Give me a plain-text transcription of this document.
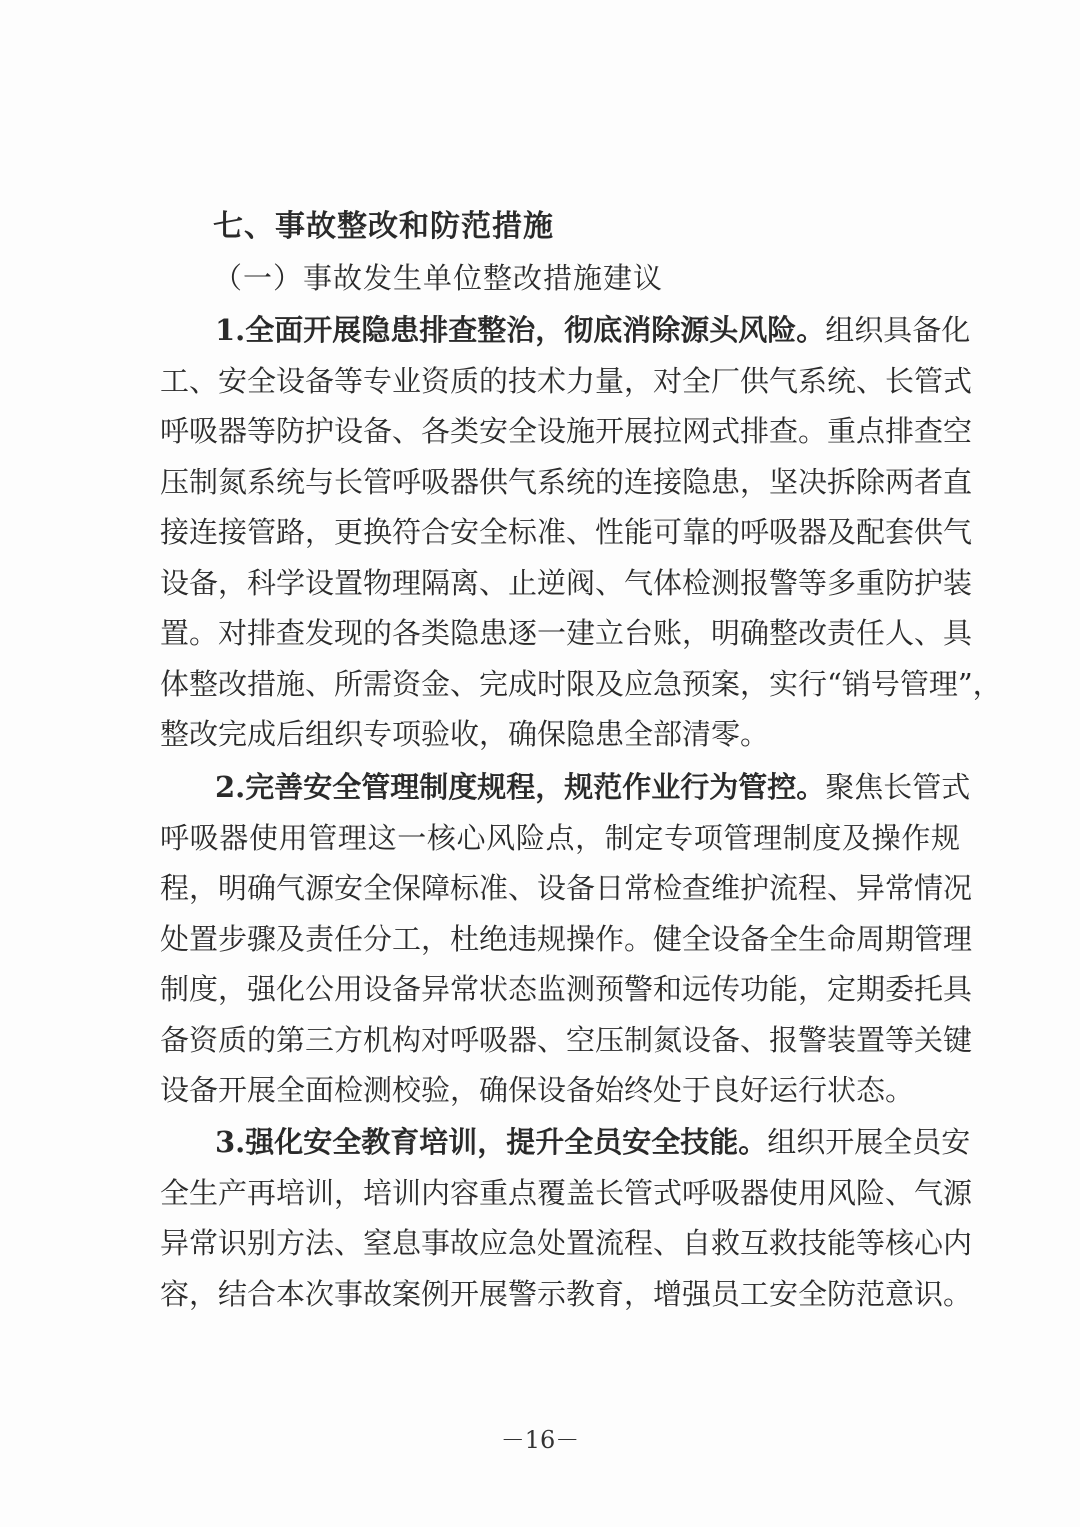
七、事故整改和防范措施
（一）事故发生单位整改措施建议
1.全面开展隐患排查整治，彻底消除源头风险。组织具备化
工、安全设备等专业资质的技术力量，对全厂供气系统、长管式
呼吸器等防护设备、各类安全设施开展拉网式排查。重点排查空
压制氮系统与长管呼吸器供气系统的连接隐患，坚决拆除两者直
接连接管路，更换符合安全标准、性能可靠的呼吸器及配套供气
设备，科学设置物理隔离、止逆阀、气体检测报警等多重防护装
置。对排查发现的各类隐患逐一建立台账，明确整改责任人、具
体整改措施、所需资金、完成时限及应急预案，实行“销号管理”，
整改完成后组织专项验收，确保隐患全部清零。
2.完善安全管理制度规程，规范作业行为管控。聚焦长管式
呼吸器使用管理这一核心风险点，制定专项管理制度及操作规
程，明确气源安全保障标准、设备日常检查维护流程、异常情况
处置步骤及责任分工，杜绝违规操作。健全设备全生命周期管理
制度，强化公用设备异常状态监测预警和远传功能，定期委托具
备资质的第三方机构对呼吸器、空压制氮设备、报警装置等关键
设备开展全面检测校验，确保设备始终处于良好运行状态。
3.强化安全教育培训，提升全员安全技能。组织开展全员安
全生产再培训，培训内容重点覆盖长管式呼吸器使用风险、气源
异常识别方法、窒息事故应急处置流程、自救互救技能等核心内
容，结合本次事故案例开展警示教育，增强员工安全防范意识。
－16－
